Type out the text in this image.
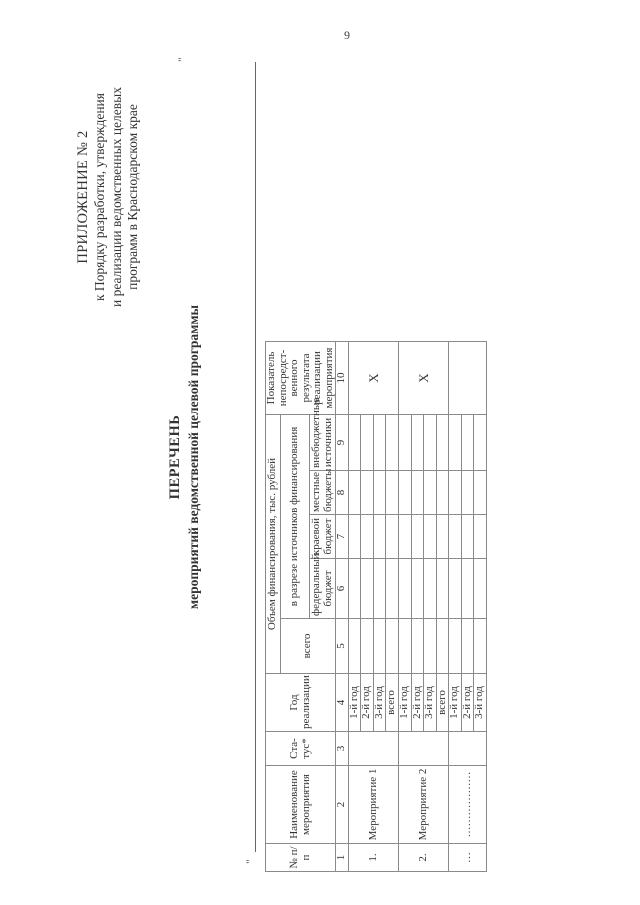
9
ПРИЛОЖЕНИЕ № 2 к Порядку разработки, утверждения и реализации ведомственных целевых программ в Краснодарском крае
"
"
ПЕРЕЧЕНЬ мероприятий ведомственной целевой программы
№ п/п	Наименование мероприятия	Ста- тус*	Год реализации	Объем финансирования, тыс. рублей					Показатель непосредст- венного результата реализации мероприятия	
				всего	в разрезе источников финансирования					
					федеральный бюджет	краевой бюджет	местные бюджеты	внебюджетные источники		
1	2	3	4	5	6	7	8	9	10	
1.	Мероприятие 1		1-й год						X	
			2-й год							
			3-й год							
			всего							
2.	Мероприятие 2		1-й год						X	
			2-й год							
			3-й год							
			всего							
…	………………		1-й год							
			2-й год							
			3-й год							
